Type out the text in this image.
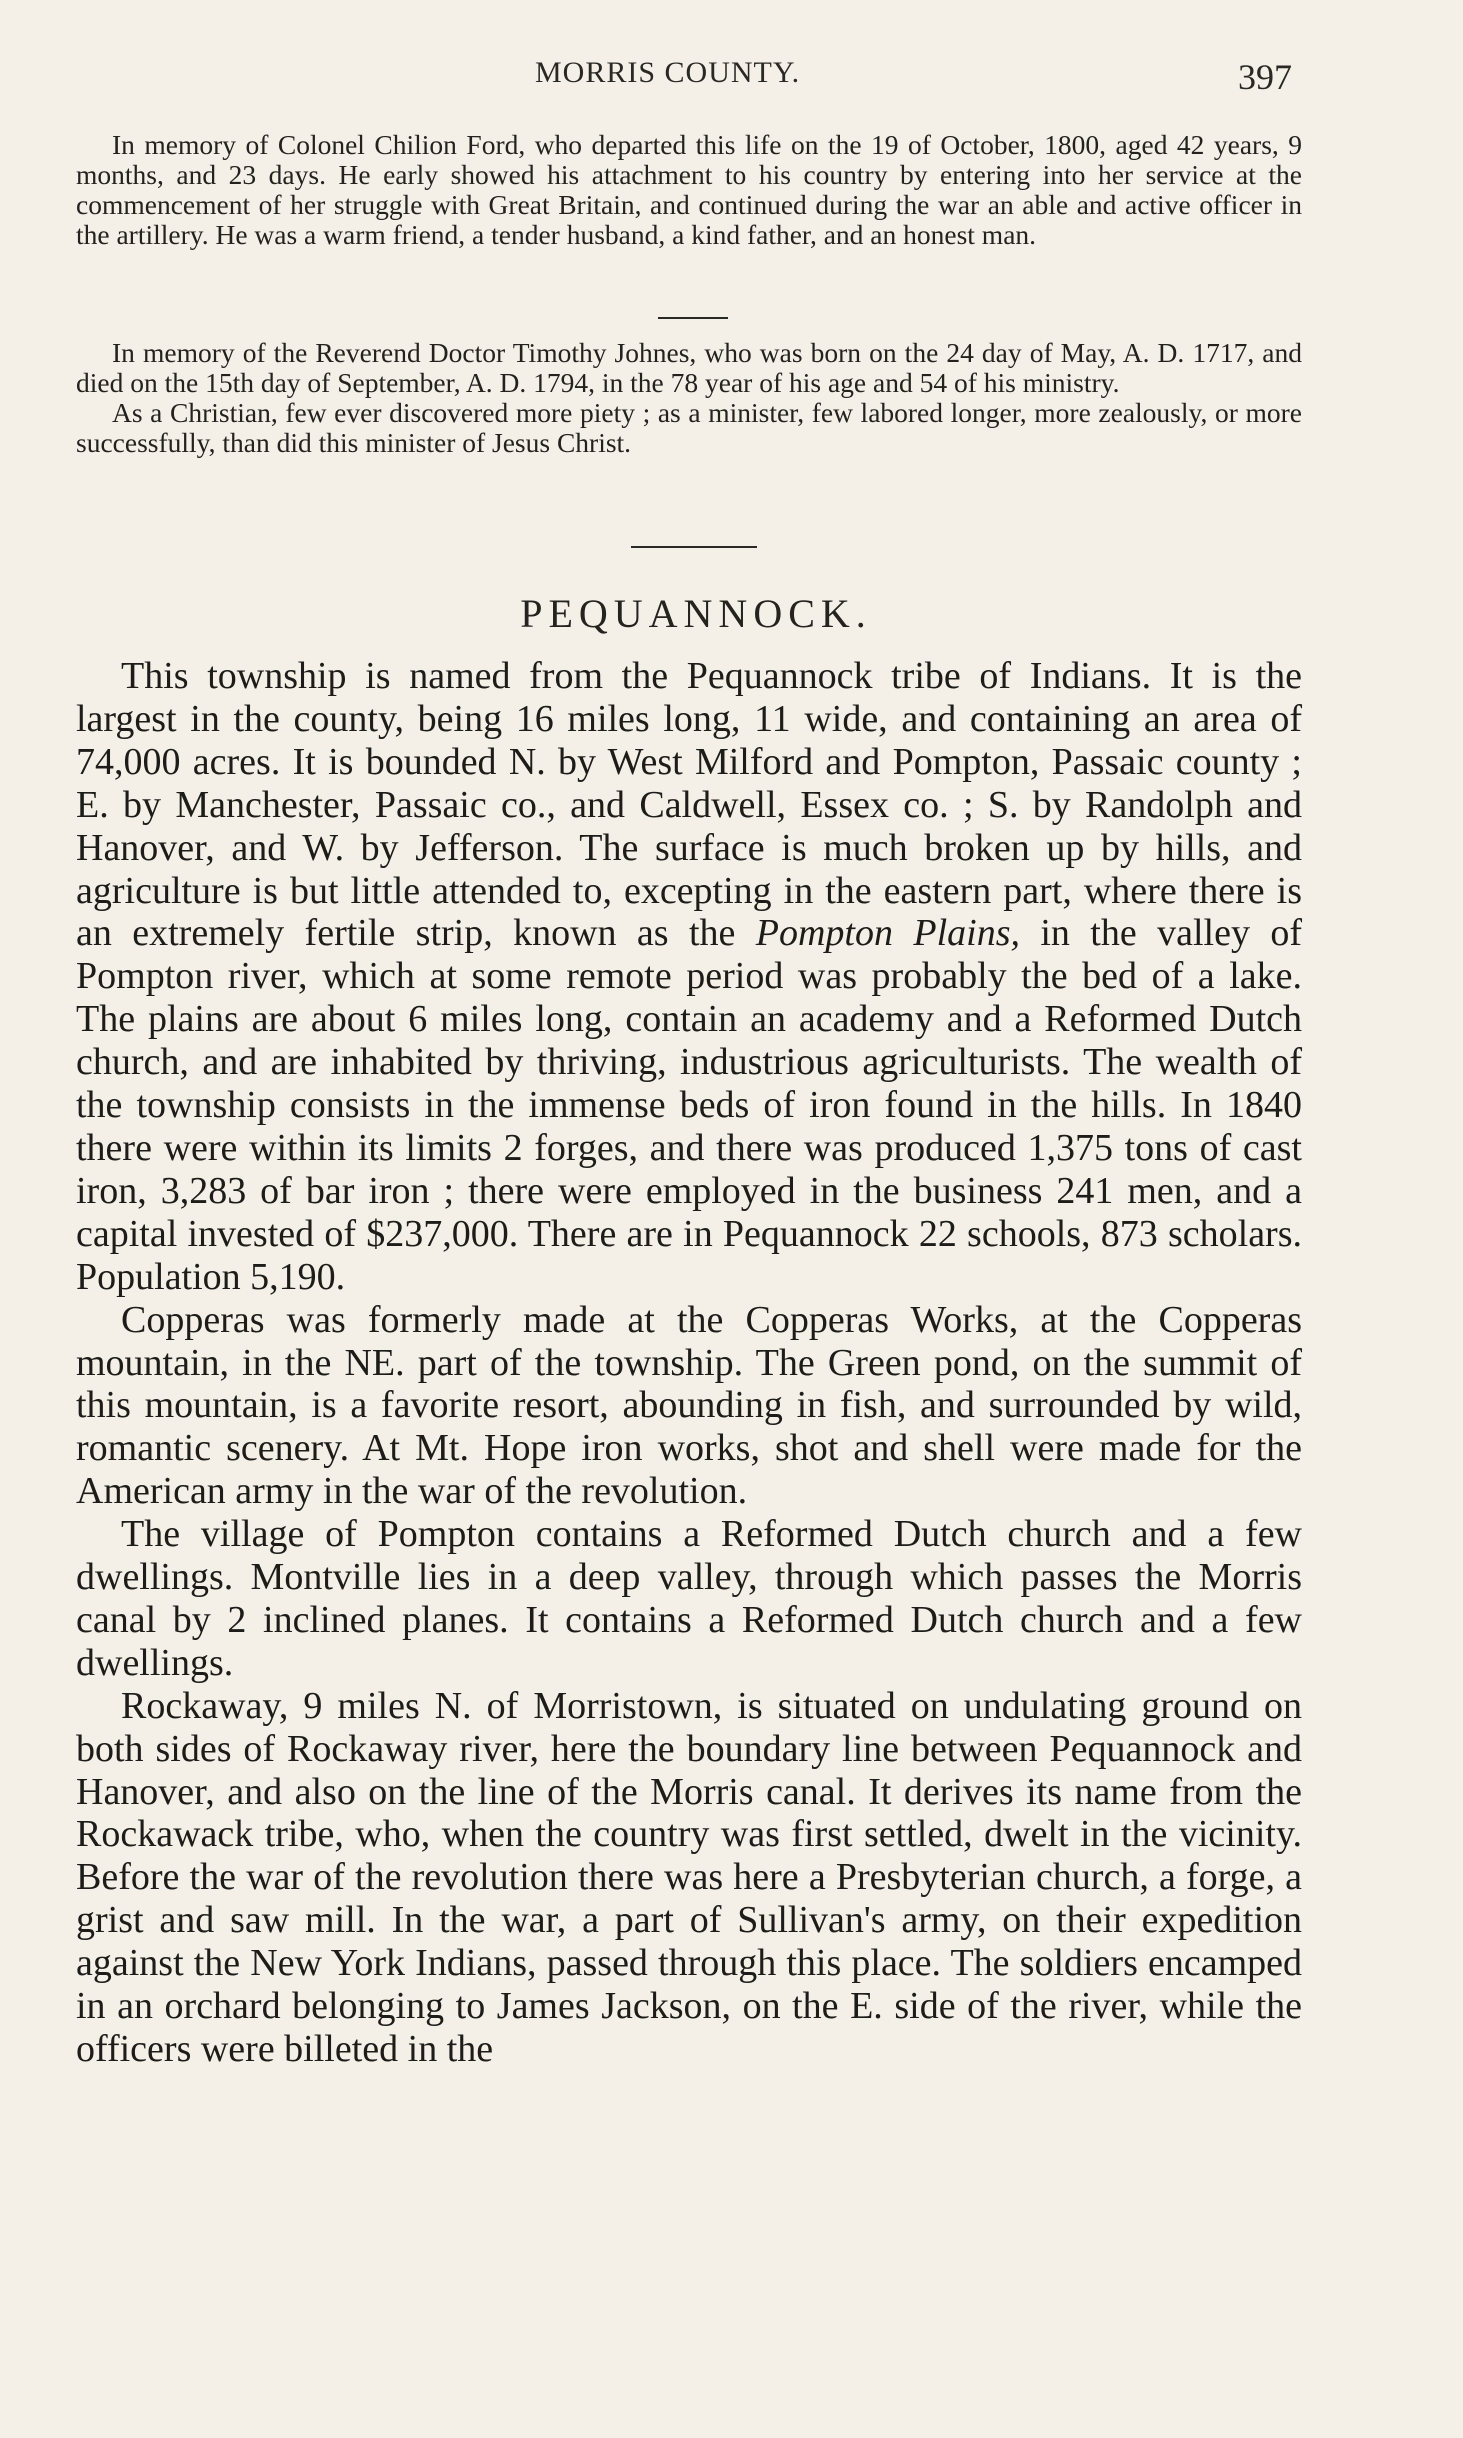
MORRIS COUNTY.	397

In memory of Colonel Chilion Ford, who departed this life on the 19 of October, 1800, aged 42 years, 9 months, and 23 days. He early showed his attachment to his country by entering into her service at the commencement of her struggle with Great Britain, and continued during the war an able and active officer in the artillery. He was a warm friend, a tender husband, a kind father, and an honest man.

In memory of the Reverend Doctor Timothy Johnes, who was born on the 24 day of May, A. D. 1717, and died on the 15th day of September, A. D. 1794, in the 78 year of his age and 54 of his ministry.

As a Christian, few ever discovered more piety ; as a minister, few labored longer, more zealously, or more successfully, than did this minister of Jesus Christ.

PEQUANNOCK.

This township is named from the Pequannock tribe of Indians. It is the largest in the county, being 16 miles long, 11 wide, and containing an area of 74,000 acres. It is bounded N. by West Milford and Pompton, Passaic county ; E. by Manchester, Passaic co., and Caldwell, Essex co. ; S. by Randolph and Hanover, and W. by Jefferson. The surface is much broken up by hills, and agriculture is but little attended to, excepting in the eastern part, where there is an extremely fertile strip, known as the Pompton Plains, in the valley of Pompton river, which at some remote period was probably the bed of a lake. The plains are about 6 miles long, contain an academy and a Reformed Dutch church, and are inhabited by thriving, industrious agriculturists. The wealth of the township consists in the immense beds of iron found in the hills. In 1840 there were within its limits 2 forges, and there was produced 1,375 tons of cast iron, 3,283 of bar iron ; there were employed in the business 241 men, and a capital invested of $237,000. There are in Pequannock 22 schools, 873 scholars. Population 5,190.

Copperas was formerly made at the Copperas Works, at the Copperas mountain, in the NE. part of the township. The Green pond, on the summit of this mountain, is a favorite resort, abounding in fish, and surrounded by wild, romantic scenery. At Mt. Hope iron works, shot and shell were made for the American army in the war of the revolution.

The village of Pompton contains a Reformed Dutch church and a few dwellings. Montville lies in a deep valley, through which passes the Morris canal by 2 inclined planes. It contains a Reformed Dutch church and a few dwellings.

Rockaway, 9 miles N. of Morristown, is situated on undulating ground on both sides of Rockaway river, here the boundary line between Pequannock and Hanover, and also on the line of the Morris canal. It derives its name from the Rockawack tribe, who, when the country was first settled, dwelt in the vicinity. Before the war of the revolution there was here a Presbyterian church, a forge, a grist and saw mill. In the war, a part of Sullivan's army, on their expedition against the New York Indians, passed through this place. The soldiers encamped in an orchard belonging to James Jackson, on the E. side of the river, while the officers were billeted in the
